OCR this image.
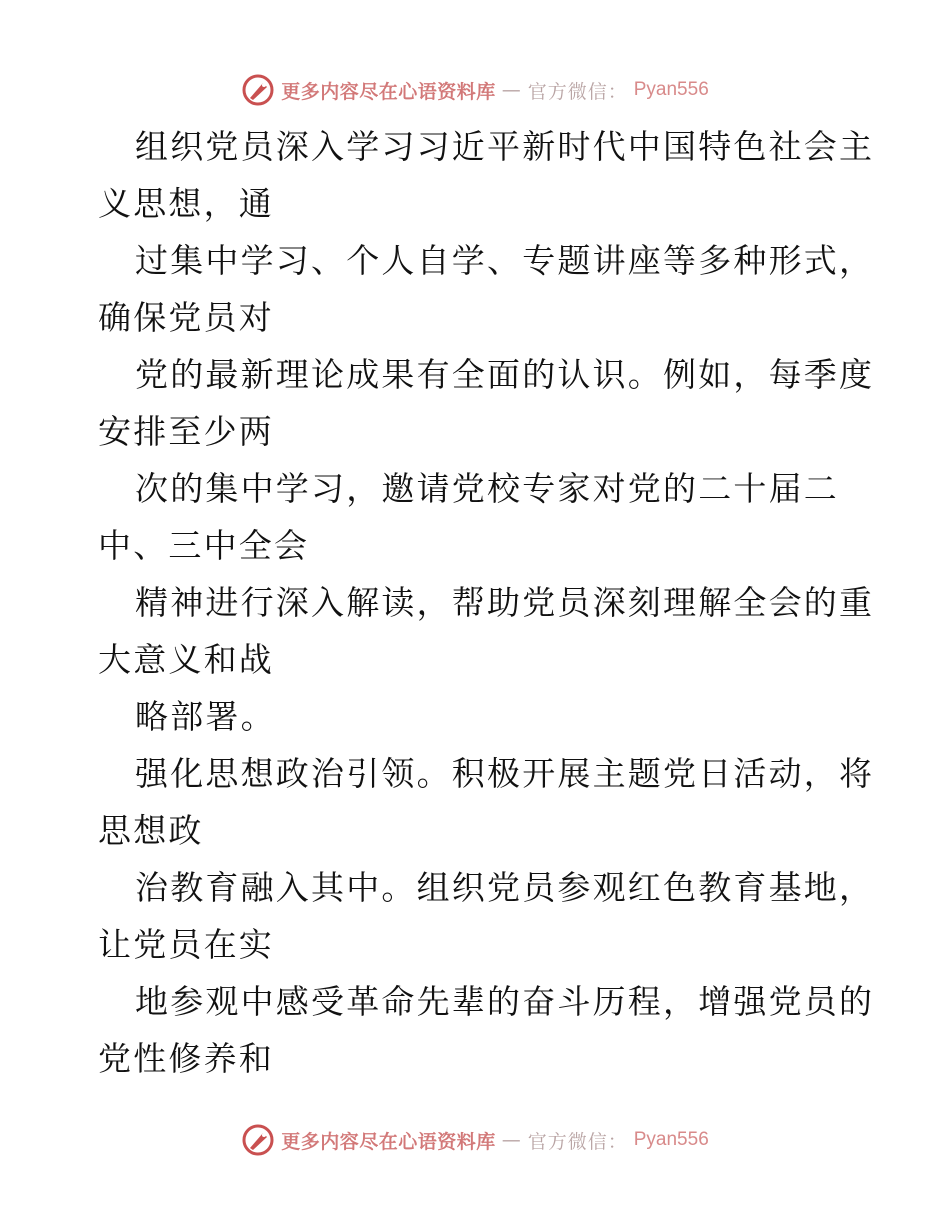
更多内容尽在心语资料库 — 官方微信： Pyan556
组织党员深入学习习近平新时代中国特色社会主
义思想，通
过集中学习、个人自学、专题讲座等多种形式，
确保党员对
党的最新理论成果有全面的认识。例如，每季度
安排至少两
次的集中学习，邀请党校专家对党的二十届二
中、三中全会
精神进行深入解读，帮助党员深刻理解全会的重
大意义和战
略部署。
强化思想政治引领。积极开展主题党日活动，将
思想政
治教育融入其中。组织党员参观红色教育基地，
让党员在实
地参观中感受革命先辈的奋斗历程，增强党员的
党性修养和
更多内容尽在心语资料库 — 官方微信： Pyan556
